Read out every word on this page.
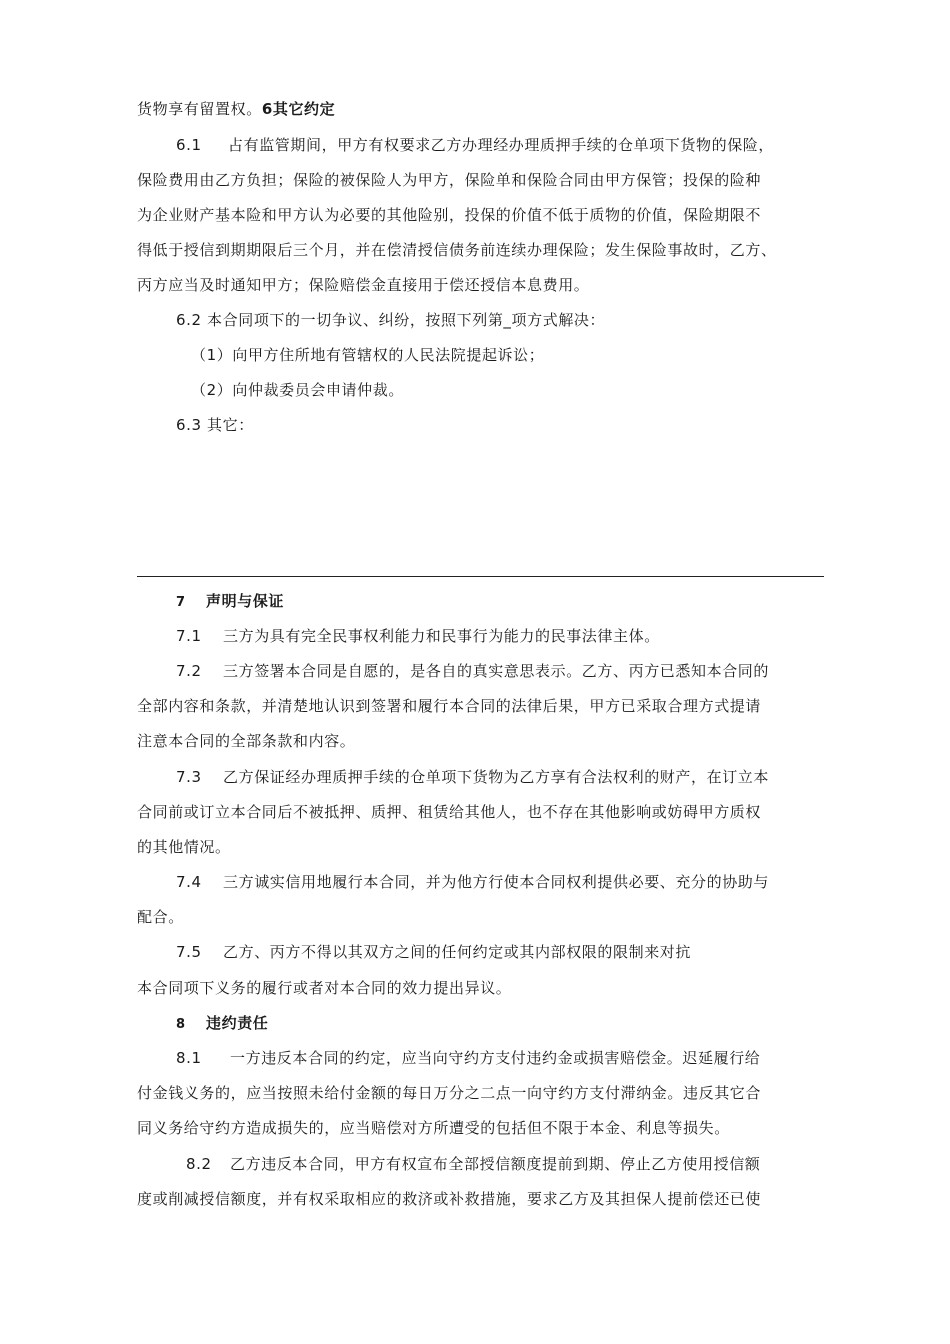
货物享有留置权。6其它约定
6.1 占有监管期间，甲方有权要求乙方办理经办理质押手续的仓单项下货物的保险，
保险费用由乙方负担；保险的被保险人为甲方，保险单和保险合同由甲方保管；投保的险种
为企业财产基本险和甲方认为必要的其他险别，投保的价值不低于质物的价值，保险期限不
得低于授信到期期限后三个月，并在偿清授信债务前连续办理保险；发生保险事故时，乙方、
丙方应当及时通知甲方；保险赔偿金直接用于偿还授信本息费用。
6.2 本合同项下的一切争议、纠纷，按照下列第_项方式解决：
（1）向甲方住所地有管辖权的人民法院提起诉讼；
（2）向仲裁委员会申请仲裁。
6.3 其它：
7 声明与保证
7.1 三方为具有完全民事权利能力和民事行为能力的民事法律主体。
7.2 三方签署本合同是自愿的，是各自的真实意思表示。乙方、丙方已悉知本合同的
全部内容和条款，并清楚地认识到签署和履行本合同的法律后果，甲方已采取合理方式提请
注意本合同的全部条款和内容。
7.3 乙方保证经办理质押手续的仓单项下货物为乙方享有合法权利的财产，在订立本
合同前或订立本合同后不被抵押、质押、租赁给其他人，也不存在其他影响或妨碍甲方质权
的其他情况。
7.4 三方诚实信用地履行本合同，并为他方行使本合同权利提供必要、充分的协助与
配合。
7.5 乙方、丙方不得以其双方之间的任何约定或其内部权限的限制来对抗
本合同项下义务的履行或者对本合同的效力提出异议。
8 违约责任
8.1 一方违反本合同的约定，应当向守约方支付违约金或损害赔偿金。迟延履行给
付金钱义务的，应当按照未给付金额的每日万分之二点一向守约方支付滞纳金。违反其它合
同义务给守约方造成损失的，应当赔偿对方所遭受的包括但不限于本金、利息等损失。
8.2 乙方违反本合同，甲方有权宣布全部授信额度提前到期、停止乙方使用授信额
度或削减授信额度，并有权采取相应的救济或补救措施，要求乙方及其担保人提前偿还已使
